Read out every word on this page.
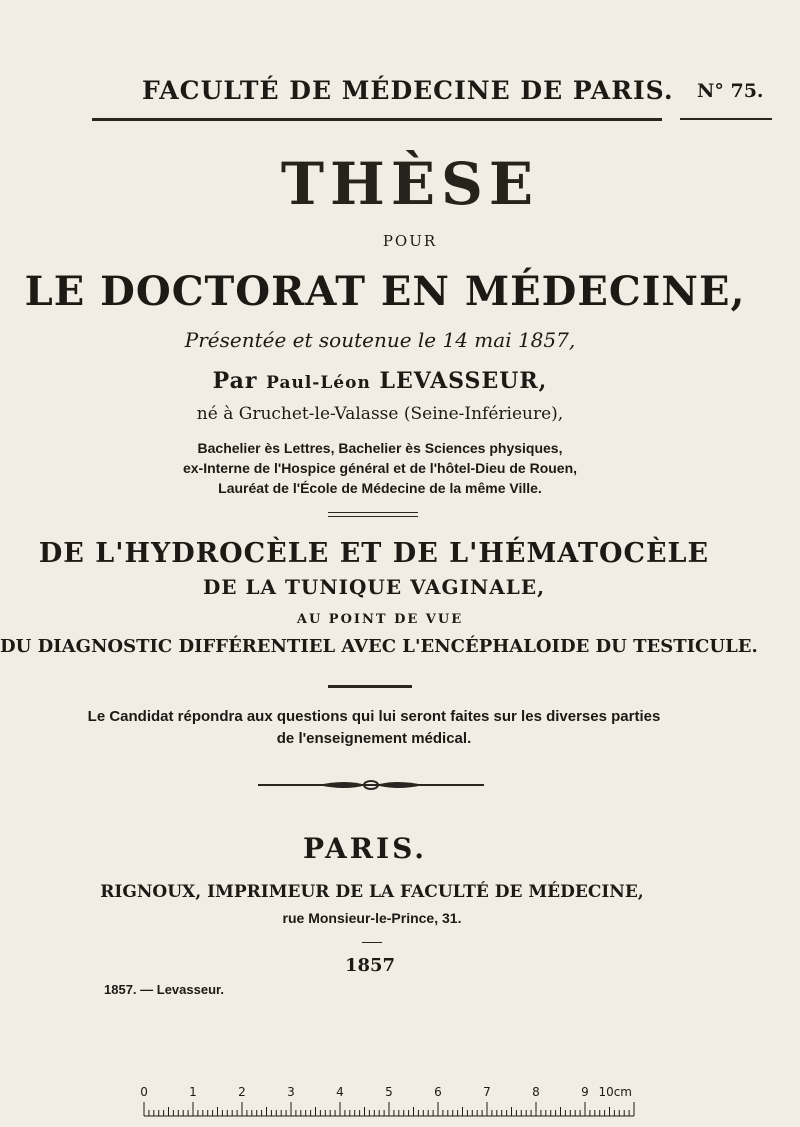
FACULTÉ DE MÉDECINE DE PARIS. N° 75.
THÈSE
POUR
LE DOCTORAT EN MÉDECINE,
Présentée et soutenue le 14 mai 1857,
Par Paul-Léon LEVASSEUR,
né à Gruchet-le-Valasse (Seine-Inférieure),
Bachelier ès Lettres, Bachelier ès Sciences physiques,
ex-Interne de l'Hospice général et de l'hôtel-Dieu de Rouen,
Lauréat de l'École de Médecine de la même Ville.
DE L'HYDROCÈLE ET DE L'HÉMATOCÈLE
DE LA TUNIQUE VAGINALE,
AU POINT DE VUE
DU DIAGNOSTIC DIFFÉRENTIEL AVEC L'ENCÉPHALOIDE DU TESTICULE.
Le Candidat répondra aux questions qui lui seront faites sur les diverses parties
de l'enseignement médical.
PARIS.
RIGNOUX, IMPRIMEUR DE LA FACULTÉ DE MÉDECINE,
rue Monsieur-le-Prince, 31.
1857
1857. — Levasseur.
0	1	2	3	4	5	6	7	8	9 10cm
